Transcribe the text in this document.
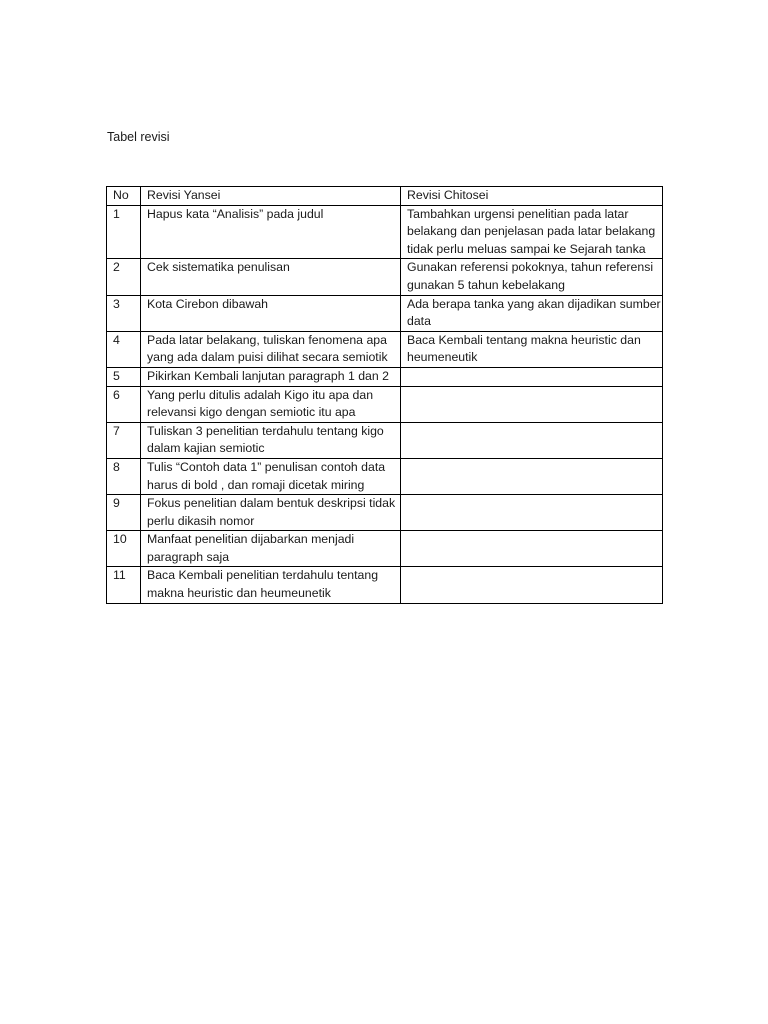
Tabel revisi
No	Revisi Yansei	Revisi Chitosei
1	Hapus kata “Analisis” pada judul	Tambahkan urgensi penelitian pada latar belakang dan penjelasan pada latar belakang tidak perlu meluas sampai ke Sejarah tanka
2	Cek sistematika penulisan	Gunakan referensi pokoknya, tahun referensi gunakan 5 tahun kebelakang
3	Kota Cirebon dibawah	Ada berapa tanka yang akan dijadikan sumber data
4	Pada latar belakang, tuliskan fenomena apa yang ada dalam puisi dilihat secara semiotik	Baca Kembali tentang makna heuristic dan heumeneutik
5	Pikirkan Kembali lanjutan paragraph 1 dan 2	
6	Yang perlu ditulis adalah Kigo itu apa dan relevansi kigo dengan semiotic itu apa	
7	Tuliskan 3 penelitian terdahulu tentang kigo dalam kajian semiotic	
8	Tulis “Contoh data 1” penulisan contoh data harus di bold , dan romaji dicetak miring	
9	Fokus penelitian dalam bentuk deskripsi tidak perlu dikasih nomor	
10	Manfaat penelitian dijabarkan menjadi paragraph saja	
11	Baca Kembali penelitian terdahulu tentang makna heuristic dan heumeunetik	
